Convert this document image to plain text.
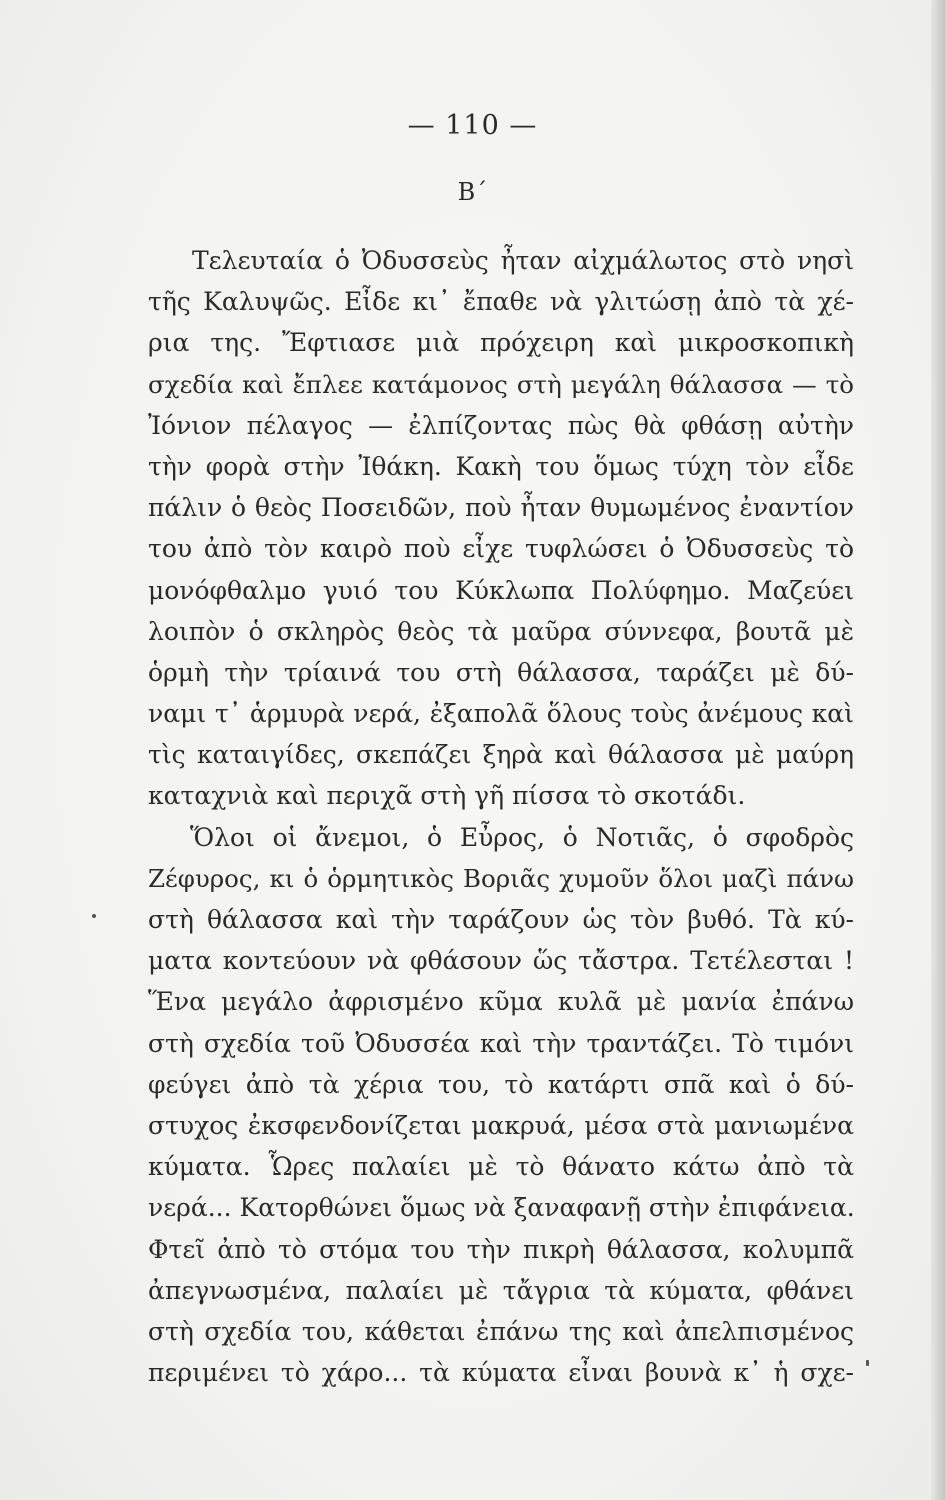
— 110 —
Β΄
Τελευταία ὁ Ὀδυσσεὺς ἦταν αἰχμάλωτος στὸ νησὶ
τῆς Καλυψῶς. Εἶδε κι᾿ ἔπαθε νὰ γλιτώσῃ ἀπὸ τὰ χέ-
ρια της. Ἔφτιασε μιὰ πρόχειρη καὶ μικροσκοπικὴ
σχεδία καὶ ἔπλεε κατάμονος στὴ μεγάλη θάλασσα — τὸ
Ἰόνιον πέλαγος — ἐλπίζοντας πὼς θὰ φθάσῃ αὐτὴν
τὴν φορὰ στὴν Ἰθάκη. Κακὴ του ὅμως τύχη τὸν εἶδε
πάλιν ὁ θεὸς Ποσειδῶν, ποὺ ἦταν θυμωμένος ἐναντίον
του ἀπὸ τὸν καιρὸ ποὺ εἶχε τυφλώσει ὁ Ὀδυσσεὺς τὸ
μονόφθαλμο γυιό του Κύκλωπα Πολύφημο. Μαζεύει
λοιπὸν ὁ σκληρὸς θεὸς τὰ μαῦρα σύννεφα, βουτᾶ μὲ
ὁρμὴ τὴν τρίαινά του στὴ θάλασσα, ταράζει μὲ δύ-
ναμι τ᾿ ἁρμυρὰ νερά, ἐξαπολᾶ ὅλους τοὺς ἀνέμους καὶ
τὶς καταιγίδες, σκεπάζει ξηρὰ καὶ θάλασσα μὲ μαύρη
καταχνιὰ καὶ περιχᾶ στὴ γῆ πίσσα τὸ σκοτάδι.
Ὅλοι οἱ ἄνεμοι, ὁ Εὖρος, ὁ Νοτιᾶς, ὁ σφοδρὸς
Ζέφυρος, κι ὁ ὁρμητικὸς Βοριᾶς χυμοῦν ὅλοι μαζὶ πάνω
στὴ θάλασσα καὶ τὴν ταράζουν ὡς τὸν βυθό. Τὰ κύ-
ματα κοντεύουν νὰ φθάσουν ὥς τἄστρα. Τετέλεσται !
Ἕνα μεγάλο ἀφρισμένο κῦμα κυλᾶ μὲ μανία ἐπάνω
στὴ σχεδία τοῦ Ὀδυσσέα καὶ τὴν τραντάζει. Τὸ τιμόνι
φεύγει ἀπὸ τὰ χέρια του, τὸ κατάρτι σπᾶ καὶ ὁ δύ-
στυχος ἐκσφενδονίζεται μακρυά, μέσα στὰ μανιωμένα
κύματα. Ὧρες παλαίει μὲ τὸ θάνατο κάτω ἀπὸ τὰ
νερά... Κατορθώνει ὅμως νὰ ξαναφανῇ στὴν ἐπιφάνεια.
Φτεῖ ἀπὸ τὸ στόμα του τὴν πικρὴ θάλασσα, κολυμπᾶ
ἀπεγνωσμένα, παλαίει μὲ τἄγρια τὰ κύματα, φθάνει
στὴ σχεδία του, κάθεται ἐπάνω της καὶ ἀπελπισμένος
περιμένει τὸ χάρο... τὰ κύματα εἶναι βουνὰ κ᾿ ἡ σχε-
